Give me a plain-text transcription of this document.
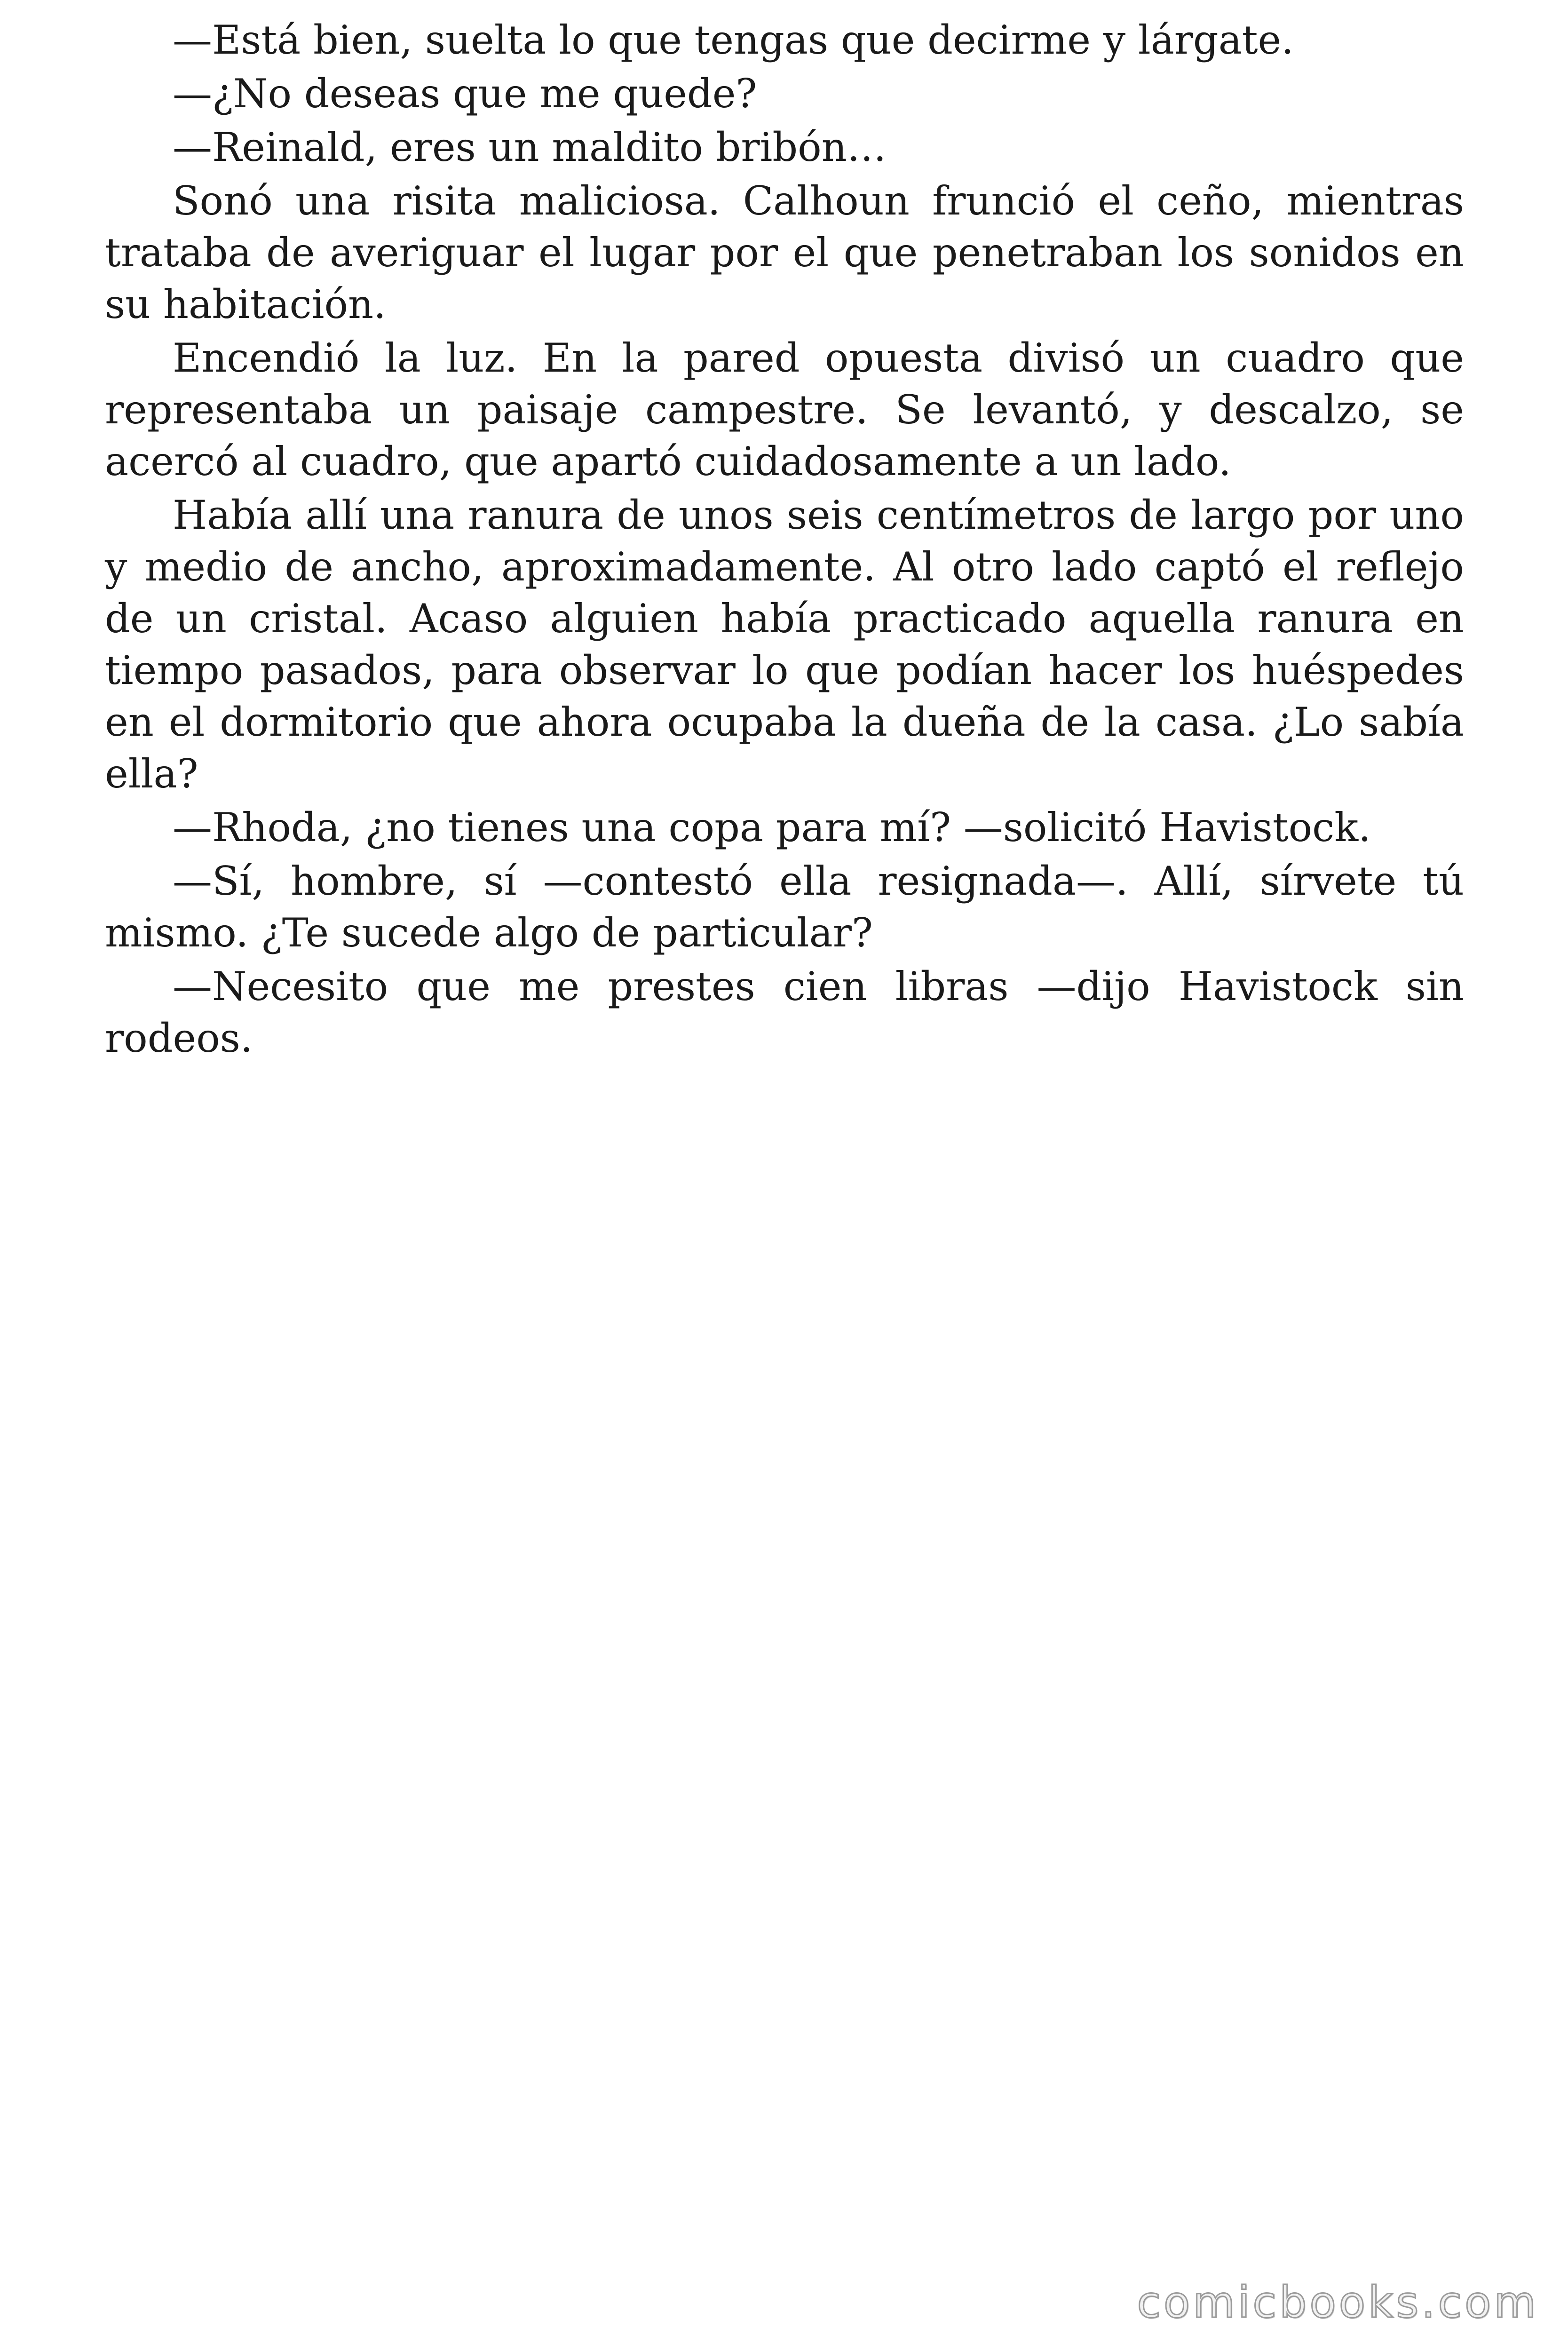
—Está bien, suelta lo que tengas que decirme y lárgate.

—¿No deseas que me quede?

—Reinald, eres un maldito bribón…

Sonó una risita maliciosa. Calhoun frunció el ceño, mientras trataba de averiguar el lugar por el que penetraban los sonidos en su habitación.

Encendió la luz. En la pared opuesta divisó un cuadro que representaba un paisaje campestre. Se levantó, y descalzo, se acercó al cuadro, que apartó cuidadosamente a un lado.

Había allí una ranura de unos seis centímetros de largo por uno y medio de ancho, aproximadamente. Al otro lado captó el reflejo de un cristal. Acaso alguien había practicado aquella ranura en tiempo pasados, para observar lo que podían hacer los huéspedes en el dormitorio que ahora ocupaba la dueña de la casa. ¿Lo sabía ella?

—Rhoda, ¿no tienes una copa para mí? —solicitó Havistock.

—Sí, hombre, sí —contestó ella resignada—. Allí, sírvete tú mismo. ¿Te sucede algo de particular?

—Necesito que me prestes cien libras —dijo Havistock sin rodeos.

comicbooks.com
